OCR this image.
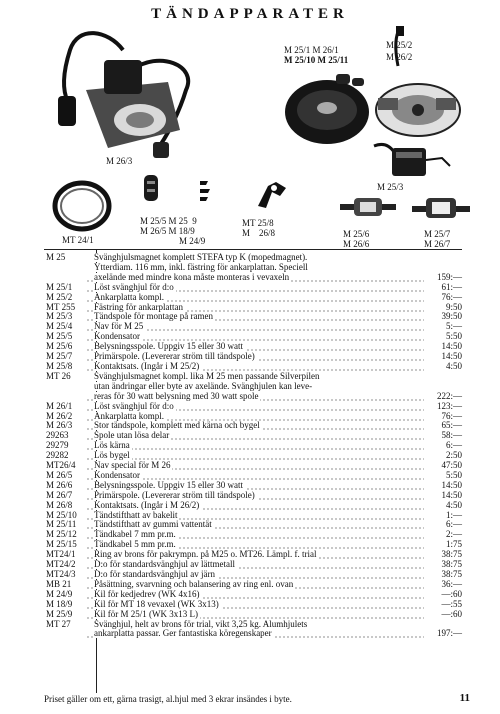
TÄNDAPPARATER
M 26/3
M 25/1 M 26/1
M 25/10 M 25/11
M 25/2
M 26/2
M 25/3
MT 24/1
M 25/5 M 25  9
M 26/5 M 18/9
M 24/9
MT 25/8
M    26/8	M 25/6
M 26/6
M 25/7
M 26/7
M 25	Svänghjulsmagnet komplett STEFA typ K (mopedmagnet).
Ytterdiam. 116 mm, inkl. fästring för ankarplattan. Speciell
axelände med mindre kona måste monteras i vevaxeln	159:—
M 25/1	Löst svänghjul för d:o	61:—
M 25/2	Ankarplatta kompl.	76:—
MT 255	Fästring för ankarplattan	9:50
M 25/3	Tändspole för montage på ramen	39:50
M 25/4	Nav för M 25	5:—
M 25/5	Kondensator	5:50
M 25/6	Belysningsspole. Uppgiv 15 eller 30 watt	14:50
M 25/7	Primärspole. (Levererar ström till tändspole)	14:50
M 25/8	Kontaktsats. (Ingår i M 25/2)	4:50
MT 26	Svänghjulsmagnet kompl. lika M 25 men passande Silverpilen
utan ändringar eller byte av axelände. Svänghjulen kan leve-
reras för 30 watt belysning med 30 watt spole	222:—
M 26/1	Löst svänghjul för d:o	123:—
M 26/2	Ankarplatta kompl.	76:—
M 26/3	Stor tändspole, komplett med kärna och bygel	65:—
29263	Spole utan lösa delar	58:—
29279	Lös kärna	6:—
29282	Lös bygel	2:50
MT26/4	Nav special för M 26	47:50
M 26/5	Kondensator	5:50
M 26/6	Belysningsspole. Uppgiv 15 eller 30 watt	14:50
M 26/7	Primärspole. (Levererar ström till tändspole)	14:50
M 26/8	Kontaktsats. (Ingår i M 26/2)	4:50
M 25/10	Tändstifthatt av bakelit	1:—
M 25/11	Tändstifthatt av gummi vattentät	6:—
M 25/12	Tändkabel 7 mm pr.m.	2:—
M 25/15	Tändkabel 5 mm pr.m.	1:75
MT24/1	Ring av brons för pakrympn. på M25 o. MT26. Lämpl. f. trial	38:75
MT24/2	D:o för standardsvänghjul av lättmetall	38:75
MT24/3	D:o för standardsvänghjul av järn	38:75
MB 21	Påsättning, svarvning och balansering av ring enl. ovan	36:—
M 24/9	Kil för kedjedrev (WK 4x16)	—:60
M 18/9	Kil för MT 18 vevaxel (WK 3x13)	—:55
M 25/9	Kil för M 25/1 (WK 3x13 L)	—:60
MT 27	Svänghjul, helt av brons för trial, vikt 3,25 kg. Alumhjulets
ankarplatta passar. Ger fantastiska köregenskaper	197:—
Priset gäller om ett, gärna trasigt, al.hjul med 3 ekrar insändes i byte.	11
